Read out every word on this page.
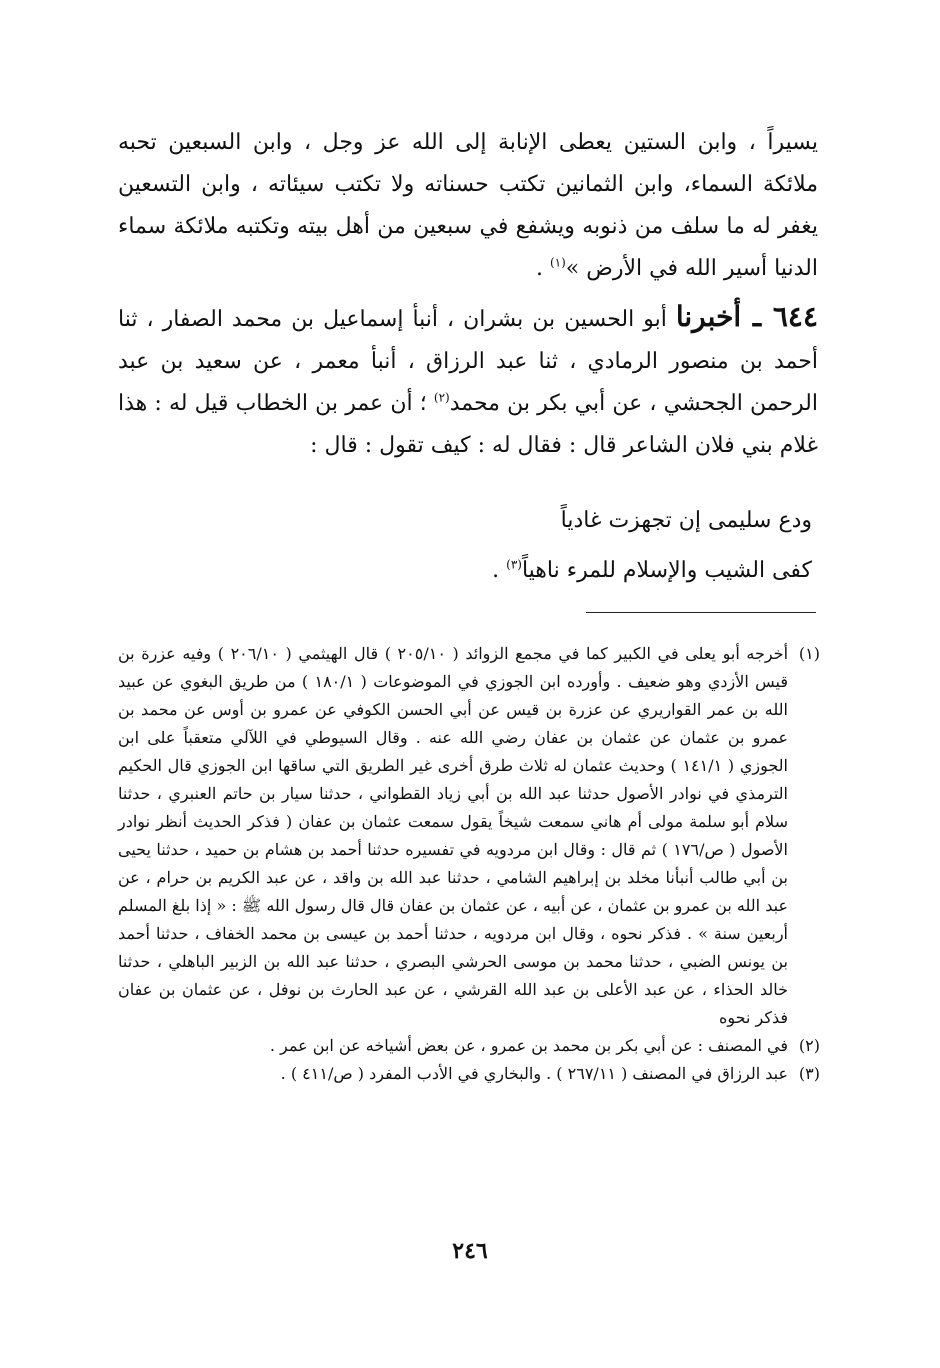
يسيراً ، وابن الستين يعطى الإنابة إلى الله عز وجل ، وابن السبعين تحبه ملائكة السماء، وابن الثمانين تكتب حسناته ولا تكتب سيئاته ، وابن التسعين يغفر له ما سلف من ذنوبه ويشفع في سبعين من أهل بيته وتكتبه ملائكة سماء الدنيا أسير الله في الأرض »$^{(١)}$ .

٦٤٤ ـ أخبرنا أبو الحسين بن بشران ، أنبأ إسماعيل بن محمد الصفار ، ثنا أحمد بن منصور الرمادي ، ثنا عبد الرزاق ، أنبأ معمر ، عن سعيد بن عبد الرحمن الجحشي ، عن أبي بكر بن محمد$^{(٢)}$ ؛ أن عمر بن الخطاب قيل له : هذا غلام بني فلان الشاعر قال : فقال له : كيف تقول : قال :

ودع سليمى إن تجهزت غادياً
كفى الشيب والإسلام للمرء ناهياً$^{(٣)}$ .
(١)
أخرجه أبو يعلى في الكبير كما في مجمع الزوائد ( ٢٠٥/١٠ ) قال الهيثمي ( ٢٠٦/١٠ ) وفيه عزرة بن قيس الأزدي وهو ضعيف . وأورده ابن الجوزي في الموضوعات ( ١٨٠/١ ) من طريق البغوي عن عبيد الله بن عمر القواريري عن عزرة بن قيس عن أبي الحسن الكوفي عن عمرو بن أوس عن محمد بن عمرو بن عثمان عن عثمان بن عفان رضي الله عنه . وقال السيوطي في اللآلي متعقباً على ابن الجوزي ( ١٤١/١ ) وحديث عثمان له ثلاث طرق أخرى غير الطريق التي ساقها ابن الجوزي قال الحكيم الترمذي في نوادر الأصول حدثنا عبد الله بن أبي زياد القطواني ، حدثنا سيار بن حاتم العنبري ، حدثنا سلام أبو سلمة مولى أم هاني سمعت شيخاً يقول سمعت عثمان بن عفان ( فذكر الحديث أنظر نوادر الأصول ( ص/١٧٦ ) ثم قال : وقال ابن مردويه في تفسيره حدثنا أحمد بن هشام بن حميد ، حدثنا يحيى بن أبي طالب أنبأنا مخلد بن إبراهيم الشامي ، حدثنا عبد الله بن واقد ، عن عبد الكريم بن حرام ، عن عبد الله بن عمرو بن عثمان ، عن أبيه ، عن عثمان بن عفان قال قال رسول الله ﷺ : « إذا بلغ المسلم أربعين سنة » . فذكر نحوه ، وقال ابن مردويه ، حدثنا أحمد بن عيسى بن محمد الخفاف ، حدثنا أحمد بن يونس الضبي ، حدثنا محمد بن موسى الحرشي البصري ، حدثنا عبد الله بن الزبير الباهلي ، حدثنا خالد الحذاء ، عن عبد الأعلى بن عبد الله القرشي ، عن عبد الحارث بن نوفل ، عن عثمان بن عفان فذكر نحوه
(٢)
في المصنف : عن أبي بكر بن محمد بن عمرو ، عن بعض أشياخه عن ابن عمر .
(٣)
عبد الرزاق في المصنف ( ٢٦٧/١١ ) . والبخاري في الأدب المفرد ( ص/٤١١ ) .
٢٤٦
